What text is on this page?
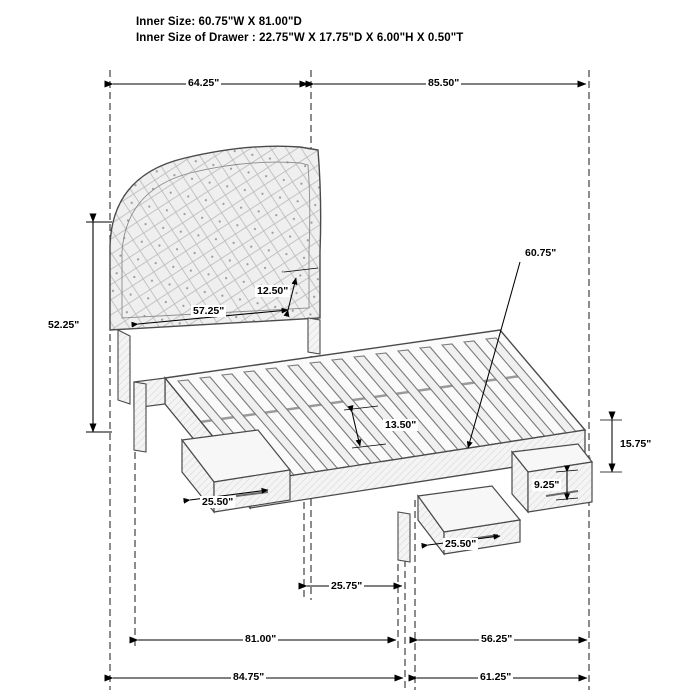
Inner Size: 60.75"W X 81.00"D
Inner Size of Drawer : 22.75"W X 17.75"D X 6.00"H X 0.50"T
64.25"	85.50"
52.25"
57.25"
12.50"
60.75"
13.50"
15.75"
9.25"
25.50"
25.50"
25.75"
81.00"	56.25"
84.75"	61.25"
